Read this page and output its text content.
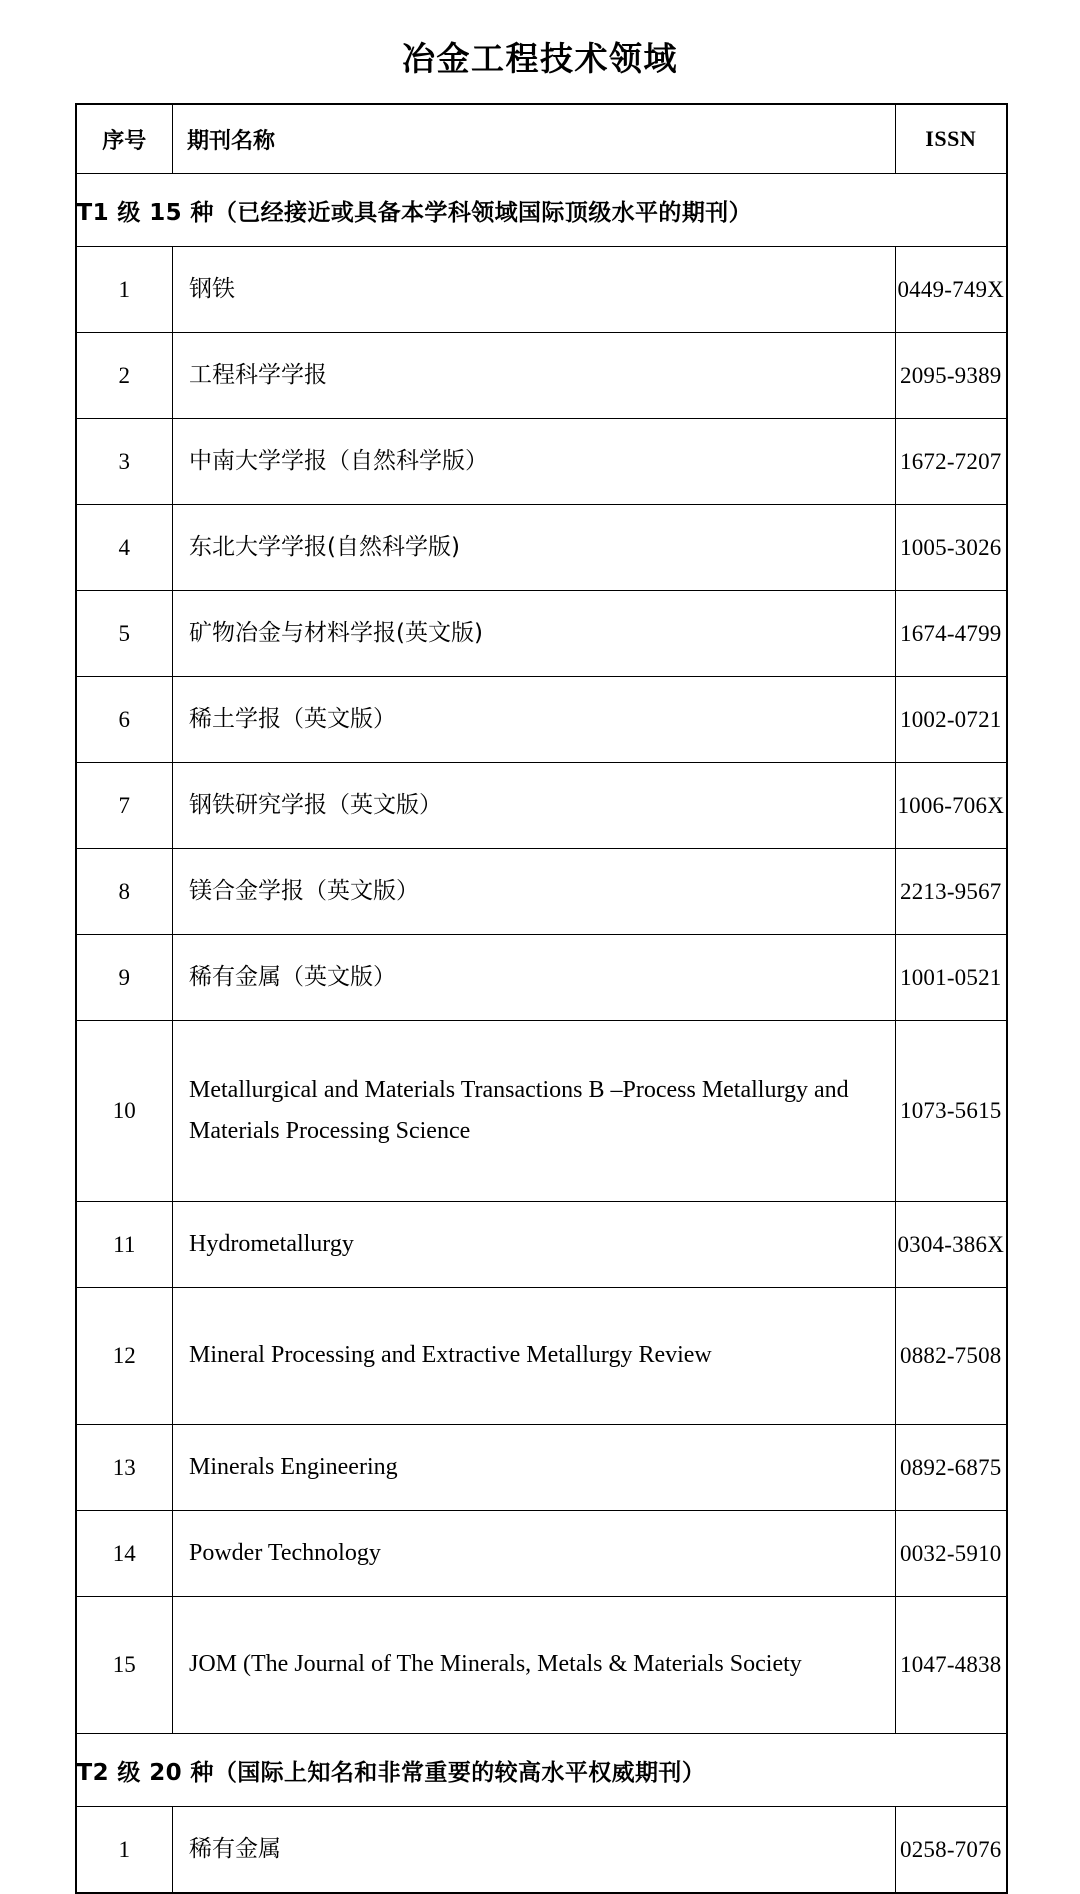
冶金工程技术领域
序号	期刊名称	ISSN
T1 级 15 种（已经接近或具备本学科领域国际顶级水平的期刊）		
1	钢铁	0449-749X
2	工程科学学报	2095-9389
3	中南大学学报（自然科学版）	1672-7207
4	东北大学学报(自然科学版)	1005-3026
5	矿物冶金与材料学报(英文版)	1674-4799
6	稀土学报（英文版）	1002-0721
7	钢铁研究学报（英文版）	1006-706X
8	镁合金学报（英文版）	2213-9567
9	稀有金属（英文版）	1001-0521
10	Metallurgical and Materials Transactions B –Process Metallurgy and Materials Processing Science	1073-5615
11	Hydrometallurgy	0304-386X
12	Mineral Processing and Extractive Metallurgy Review	0882-7508
13	Minerals Engineering	0892-6875
14	Powder Technology	0032-5910
15	JOM (The Journal of The Minerals, Metals & Materials Society	1047-4838
T2 级 20 种（国际上知名和非常重要的较高水平权威期刊）		
1	稀有金属	0258-7076
